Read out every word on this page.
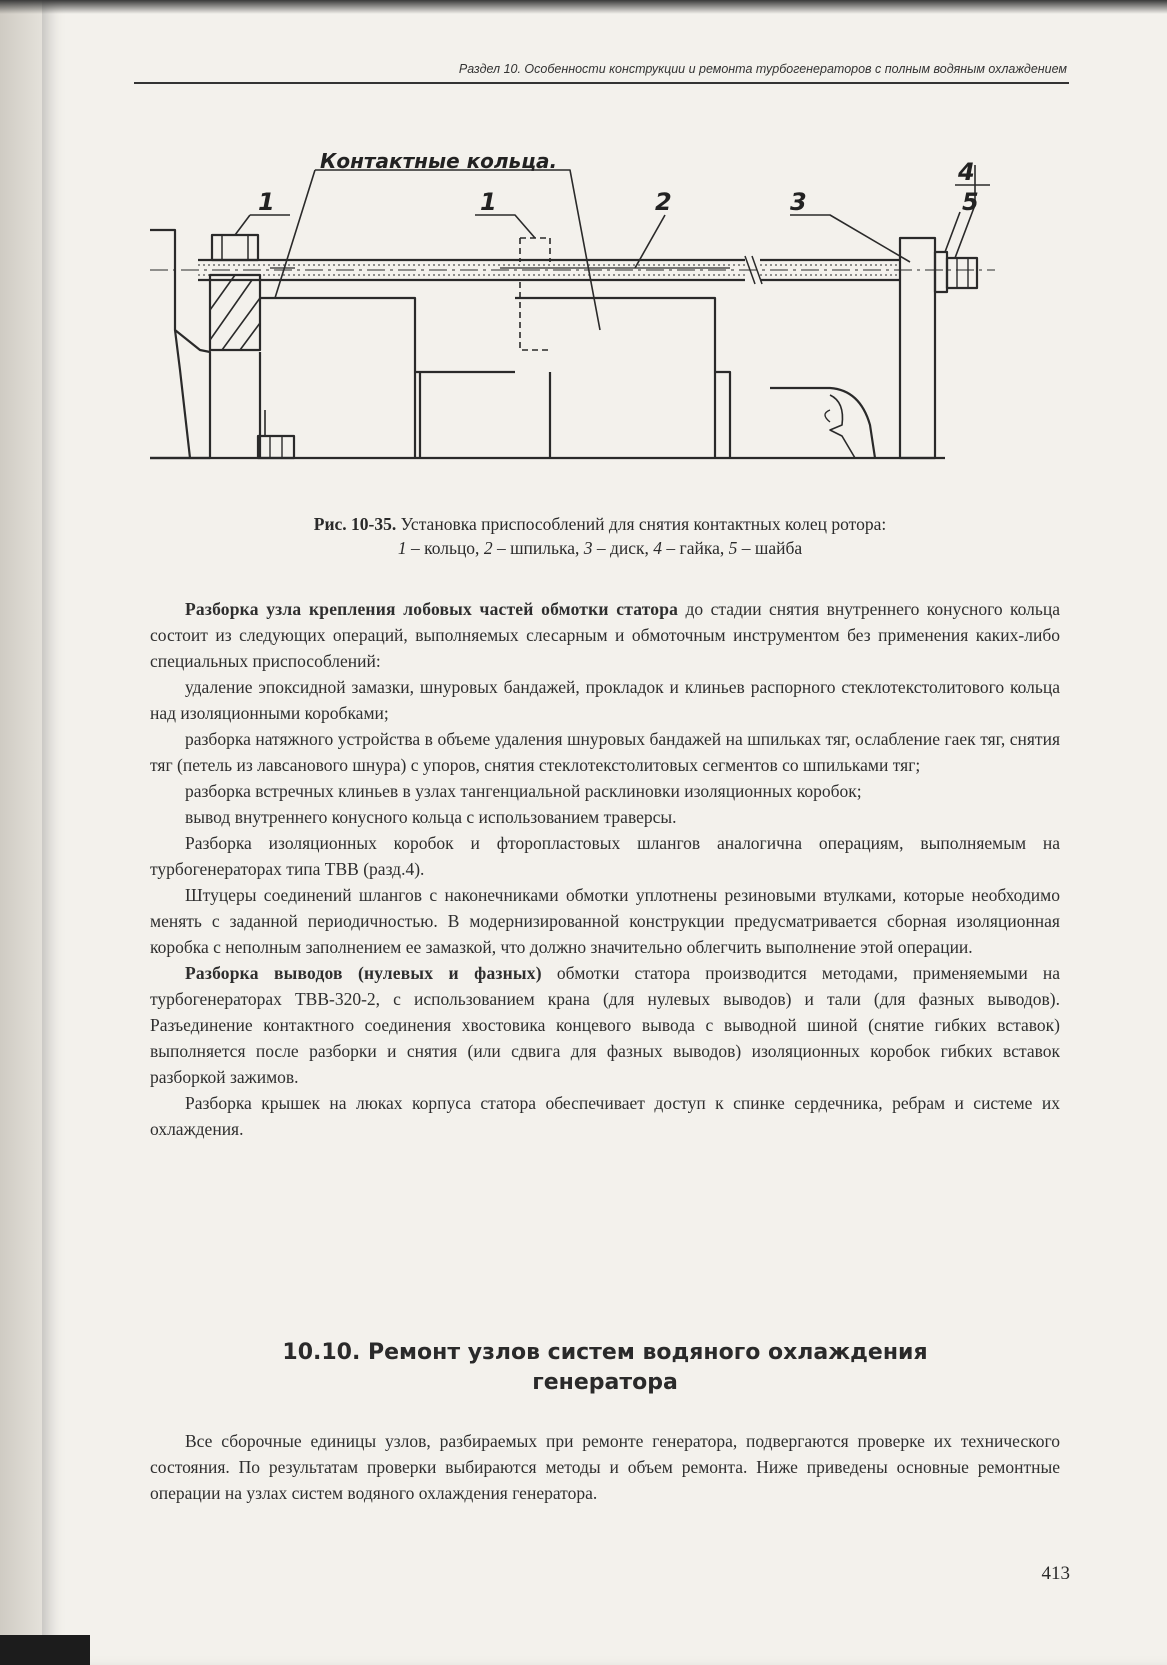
Раздел 10. Особенности конструкции и ремонта турбогенераторов с полным водяным охлаждением
Контактные кольца.
1	1	2	3
4
5
Рис. 10-35. Установка приспособлений для снятия контактных колец ротора:
1 – кольцо, 2 – шпилька, 3 – диск, 4 – гайка, 5 – шайба

Разборка узла крепления лобовых частей обмотки статора до стадии снятия внутреннего конусного кольца состоит из следующих операций, выполняемых слесарным и обмоточным инструментом без применения каких-либо специальных приспособлений:

удаление эпоксидной замазки, шнуровых бандажей, прокладок и клиньев распорного стеклотекстолитового кольца над изоляционными коробками;

разборка натяжного устройства в объеме удаления шнуровых бандажей на шпильках тяг, ослабление гаек тяг, снятия тяг (петель из лавсанового шнура) с упоров, снятия стеклотекстолитовых сегментов со шпильками тяг;

разборка встречных клиньев в узлах тангенциальной расклиновки изоляционных коробок;

вывод внутреннего конусного кольца с использованием траверсы.

Разборка изоляционных коробок и фторопластовых шлангов аналогична операциям, выполняемым на турбогенераторах типа ТВВ (разд.4).

Штуцеры соединений шлангов с наконечниками обмотки уплотнены резиновыми втулками, которые необходимо менять с заданной периодичностью. В модернизированной конструкции предусматривается сборная изоляционная коробка с неполным заполнением ее замазкой, что должно значительно облегчить выполнение этой операции.

Разборка выводов (нулевых и фазных) обмотки статора производится методами, применяемыми на турбогенераторах ТВВ-320-2, с использованием крана (для нулевых выводов) и тали (для фазных выводов). Разъединение контактного соединения хвостовика концевого вывода с выводной шиной (снятие гибких вставок) выполняется после разборки и снятия (или сдвига для фазных выводов) изоляционных коробок гибких вставок разборкой зажимов.

Разборка крышек на люках корпуса статора обеспечивает доступ к спинке сердечника, ребрам и системе их охлаждения.

10.10. Ремонт узлов систем водяного охлаждения
генератора

Все сборочные единицы узлов, разбираемых при ремонте генератора, подвергаются проверке их технического состояния. По результатам проверки выбираются методы и объем ремонта. Ниже приведены основные ремонтные операции на узлах систем водяного охлаждения генератора.

413
